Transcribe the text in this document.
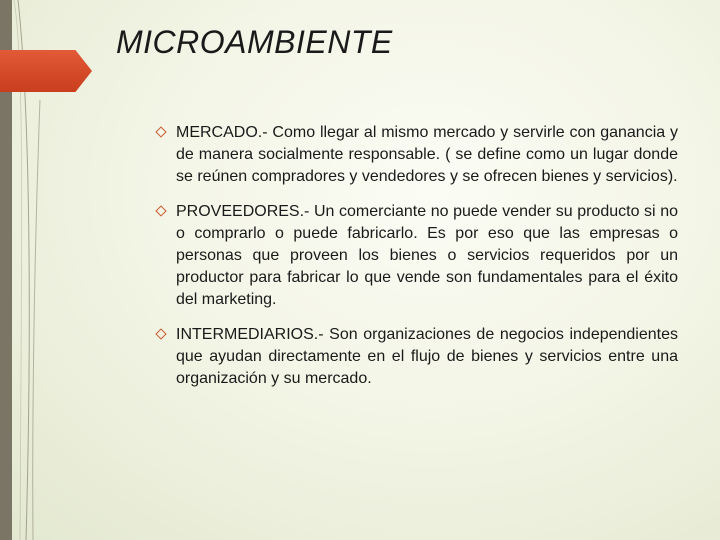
MICROAMBIENTE
MERCADO.- Como llegar al mismo mercado y servirle con ganancia y de manera socialmente responsable. ( se define como un lugar donde se reúnen compradores y vendedores y se ofrecen bienes y servicios).
PROVEEDORES.- Un comerciante no puede vender su producto si no o comprarlo o puede fabricarlo. Es por eso que las empresas o personas que proveen los bienes o servicios requeridos por un productor para fabricar lo que vende son fundamentales para el éxito del marketing.
INTERMEDIARIOS.- Son organizaciones de negocios independientes que ayudan directamente en el flujo de bienes y servicios entre una organización y su mercado.
